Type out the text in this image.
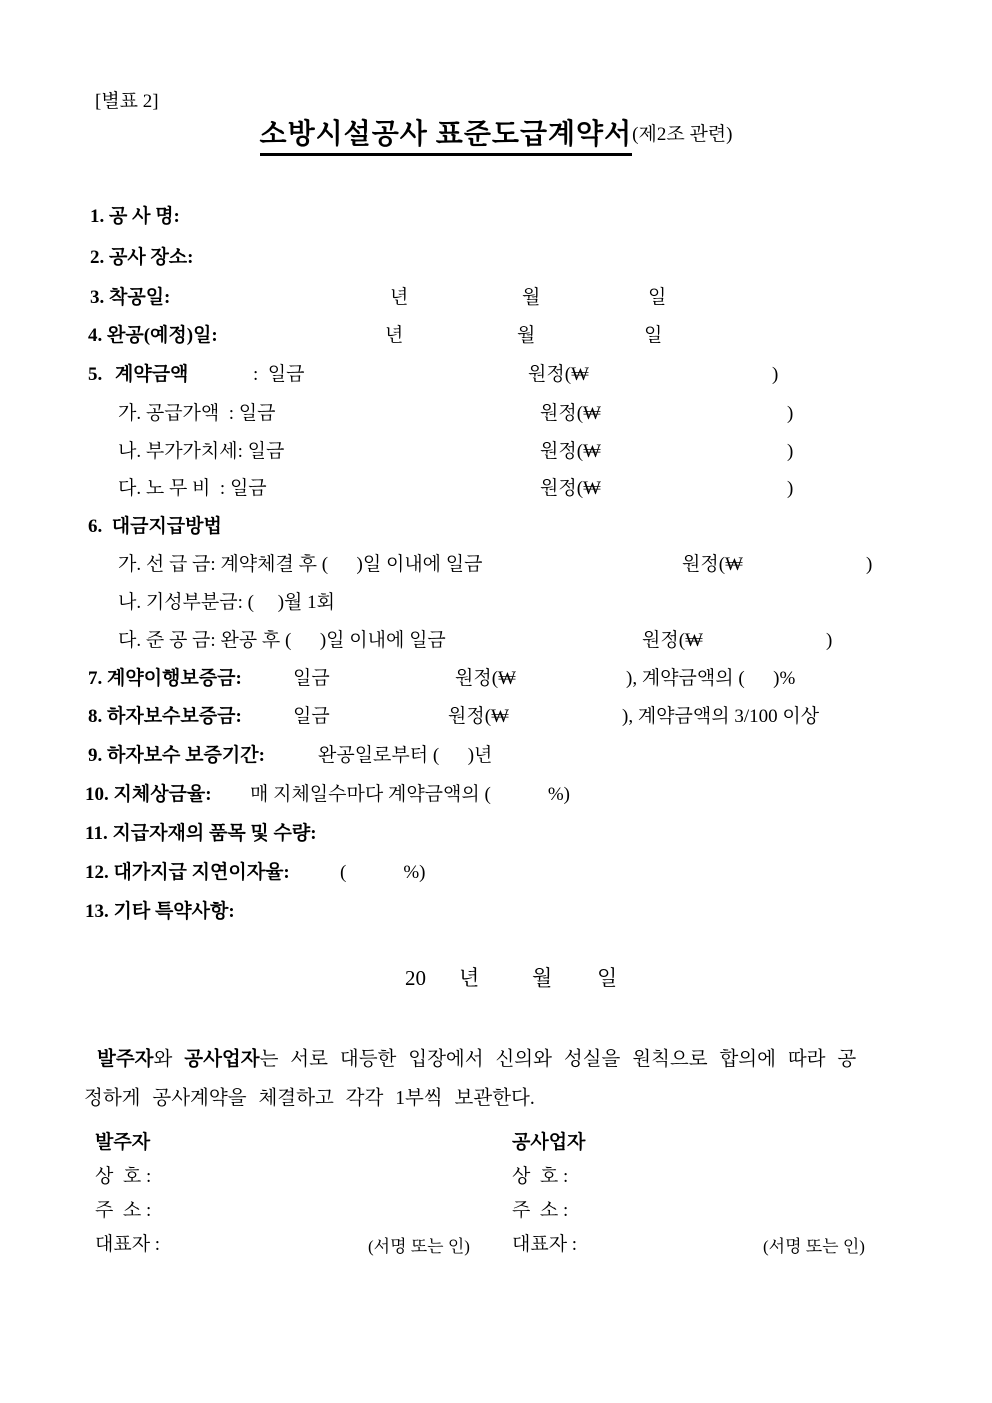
[별표 2]
소방시설공사 표준도급계약서(제2조 관련)
1. 공 사 명:
2. 공사 장소:
3. 착공일:	년	월	일
4. 완공(예정)일:	년	월	일
5. 계약금액	:  일금	원정(₩	)
가. 공급가액  : 일금	원정(₩	)
나. 부가가치세: 일금	원정(₩	)
다. 노 무 비  : 일금	원정(₩	)
6.  대금지급방법
가. 선 급 금: 계약체결 후 (      )일 이내에 일금	원정(₩	)
나. 기성부분금: (     )월 1회
다. 준 공 금: 완공 후 (      )일 이내에 일금	원정(₩	)
7. 계약이행보증금:	일금	원정(₩	), 계약금액의 (      )%
8. 하자보수보증금:	일금	원정(₩	), 계약금액의 3/100 이상
9. 하자보수 보증기간:	완공일로부터 (      )년
10. 지체상금율: 매 지체일수마다 계약금액의 (            %)
11. 지급자재의 품목 및 수량:
12. 대가지급 지연이자율:	(            %)
13. 기타 특약사항:
20 년	월 일
발주자와 공사업자는 서로 대등한 입장에서 신의와 성실을 원칙으로 합의에 따라 공
정하게 공사계약을 체결하고 각각 1부씩 보관한다.
발주자	공사업자
상  호 :	상  호 :
주  소 :	주  소 :
대표자 :	(서명 또는 인) 대표자 :	(서명 또는 인)
